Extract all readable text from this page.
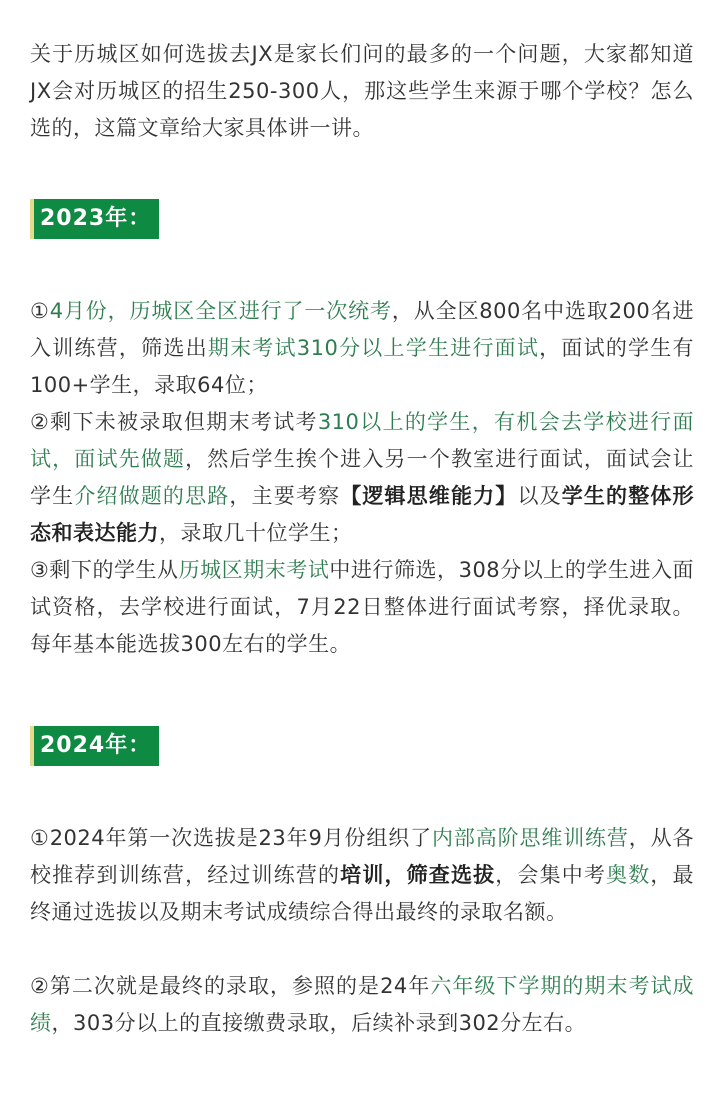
关于历城区如何选拔去JX是家长们问的最多的一个问题，大家都知道JX会对历城区的招生250-300人，那这些学生来源于哪个学校？怎么选的，这篇文章给大家具体讲一讲。

2023年：

①4月份，历城区全区进行了一次统考，从全区800名中选取200名进入训练营，筛选出期末考试310分以上学生进行面试，面试的学生有100+学生，录取64位；

②剩下未被录取但期末考试考310以上的学生，有机会去学校进行面试，面试先做题，然后学生挨个进入另一个教室进行面试，面试会让学生介绍做题的思路，主要考察【逻辑思维能力】以及学生的整体形态和表达能力，录取几十位学生；

③剩下的学生从历城区期末考试中进行筛选，308分以上的学生进入面试资格，去学校进行面试，7月22日整体进行面试考察，择优录取。每年基本能选拔300左右的学生。

2024年：

①2024年第一次选拔是23年9月份组织了内部高阶思维训练营，从各校推荐到训练营，经过训练营的培训，筛查选拔，会集中考奥数，最终通过选拔以及期末考试成绩综合得出最终的录取名额。

②第二次就是最终的录取，参照的是24年六年级下学期的期末考试成绩，303分以上的直接缴费录取，后续补录到302分左右。
